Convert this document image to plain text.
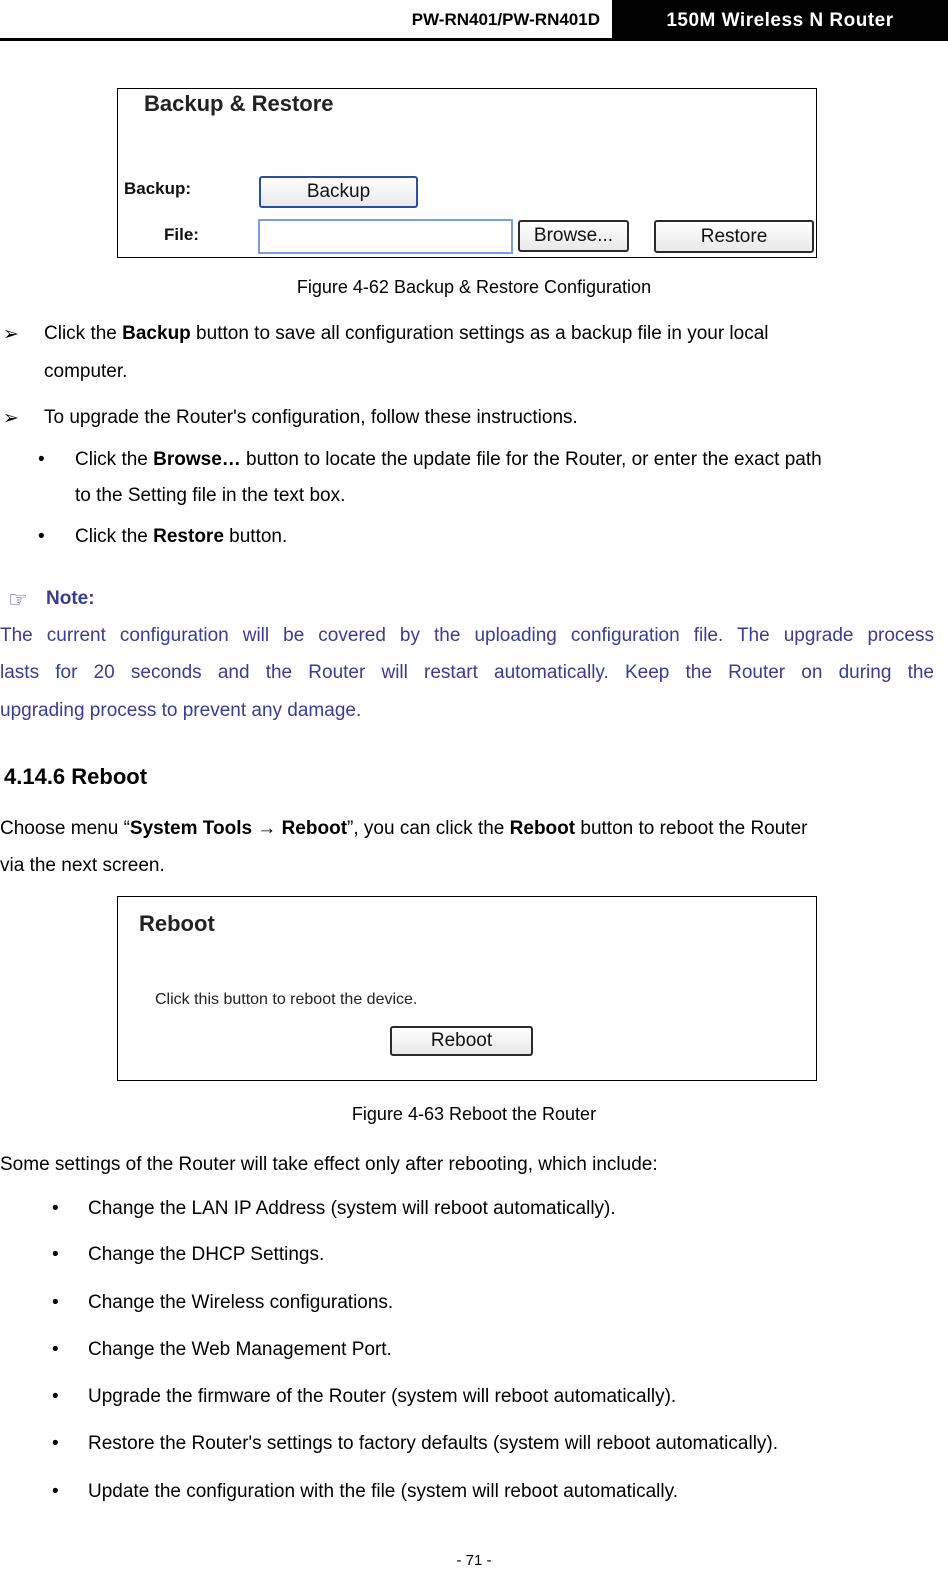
PW-RN401/PW-RN401D	150M Wireless N Router
Backup & Restore
Backup:	Backup
File:	Browse...	Restore
Figure 4-62 Backup & Restore Configuration
➢ Click the Backup button to save all configuration settings as a backup file in your local
computer.
➢ To upgrade the Router's configuration, follow these instructions.
• Click the Browse… button to locate the update file for the Router, or enter the exact path
to the Setting file in the text box.
• Click the Restore button.
☞ Note:
The current configuration will be covered by the uploading configuration file. The upgrade process
lasts for 20 seconds and the Router will restart automatically. Keep the Router on during the
upgrading process to prevent any damage.
4.14.6 Reboot
Choose menu “System Tools → Reboot”, you can click the Reboot button to reboot the Router
via the next screen.
Reboot
Click this button to reboot the device.
Reboot
Figure 4-63 Reboot the Router
Some settings of the Router will take effect only after rebooting, which include:
• Change the LAN IP Address (system will reboot automatically).
• Change the DHCP Settings.
• Change the Wireless configurations.
• Change the Web Management Port.
• Upgrade the firmware of the Router (system will reboot automatically).
• Restore the Router's settings to factory defaults (system will reboot automatically).
• Update the configuration with the file (system will reboot automatically.
- 71 -
